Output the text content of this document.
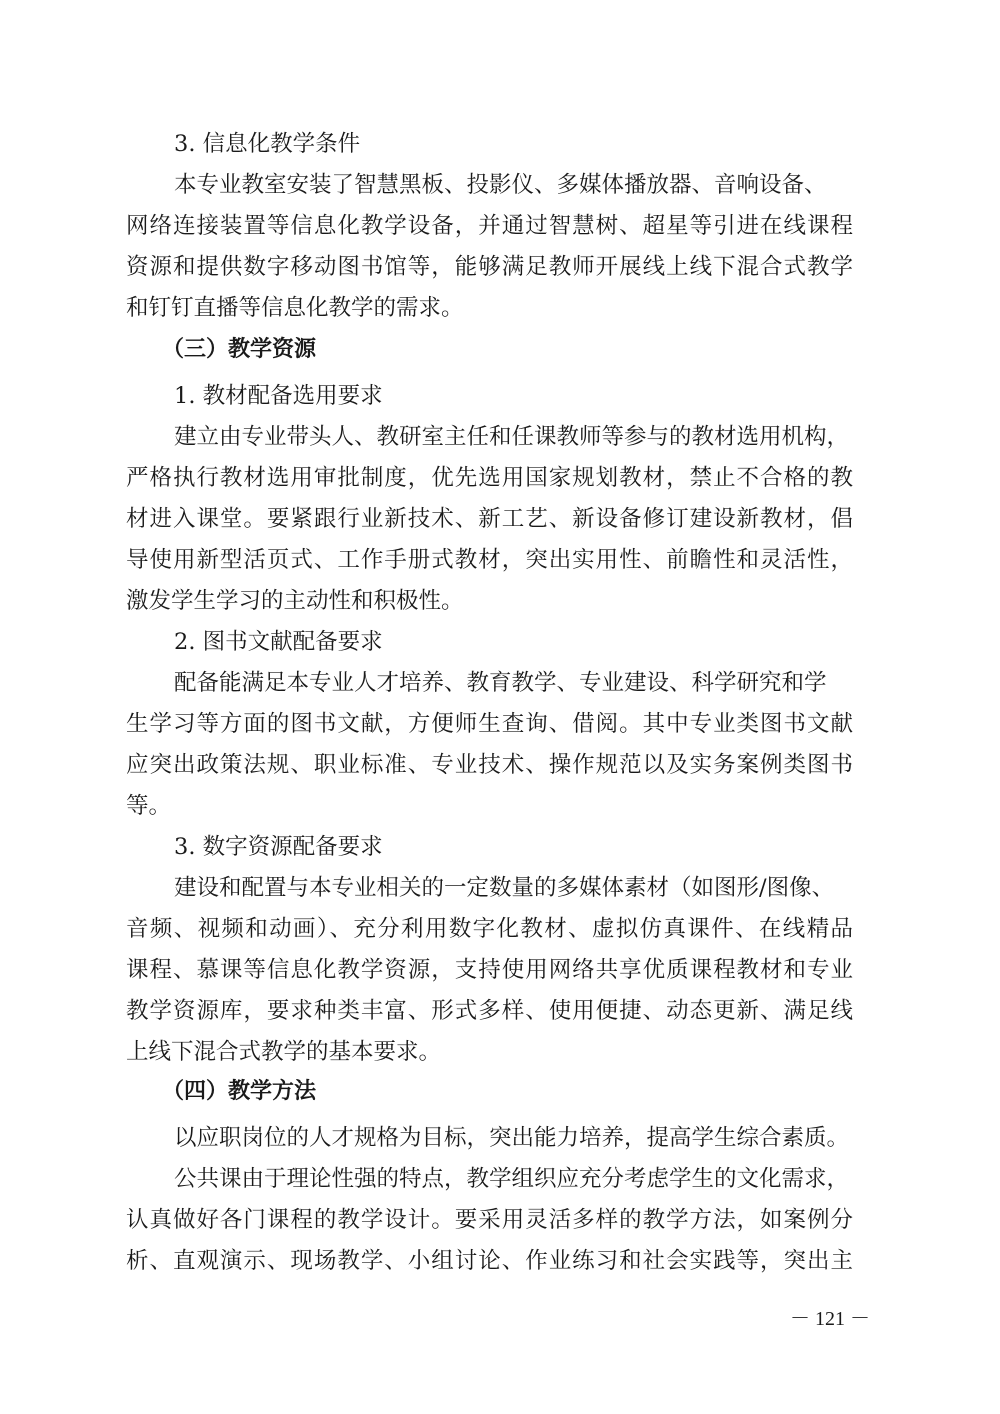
3. 信息化教学条件
本专业教室安装了智慧黑板、投影仪、多媒体播放器、音响设备、
网络连接装置等信息化教学设备，并通过智慧树、超星等引进在线课程
资源和提供数字移动图书馆等，能够满足教师开展线上线下混合式教学
和钉钉直播等信息化教学的需求。
（三）教学资源
1. 教材配备选用要求
建立由专业带头人、教研室主任和任课教师等参与的教材选用机构，
严格执行教材选用审批制度，优先选用国家规划教材，禁止不合格的教
材进入课堂。要紧跟行业新技术、新工艺、新设备修订建设新教材，倡
导使用新型活页式、工作手册式教材，突出实用性、前瞻性和灵活性，
激发学生学习的主动性和积极性。
2. 图书文献配备要求
配备能满足本专业人才培养、教育教学、专业建设、科学研究和学
生学习等方面的图书文献，方便师生查询、借阅。其中专业类图书文献
应突出政策法规、职业标准、专业技术、操作规范以及实务案例类图书
等。
3. 数字资源配备要求
建设和配置与本专业相关的一定数量的多媒体素材（如图形/图像、
音频、视频和动画）、充分利用数字化教材、虚拟仿真课件、在线精品
课程、慕课等信息化教学资源，支持使用网络共享优质课程教材和专业
教学资源库，要求种类丰富、形式多样、使用便捷、动态更新、满足线
上线下混合式教学的基本要求。
（四）教学方法
以应职岗位的人才规格为目标，突出能力培养，提高学生综合素质。
公共课由于理论性强的特点，教学组织应充分考虑学生的文化需求，
认真做好各门课程的教学设计。要采用灵活多样的教学方法，如案例分
析、直观演示、现场教学、小组讨论、作业练习和社会实践等，突出主
－ 121 －
